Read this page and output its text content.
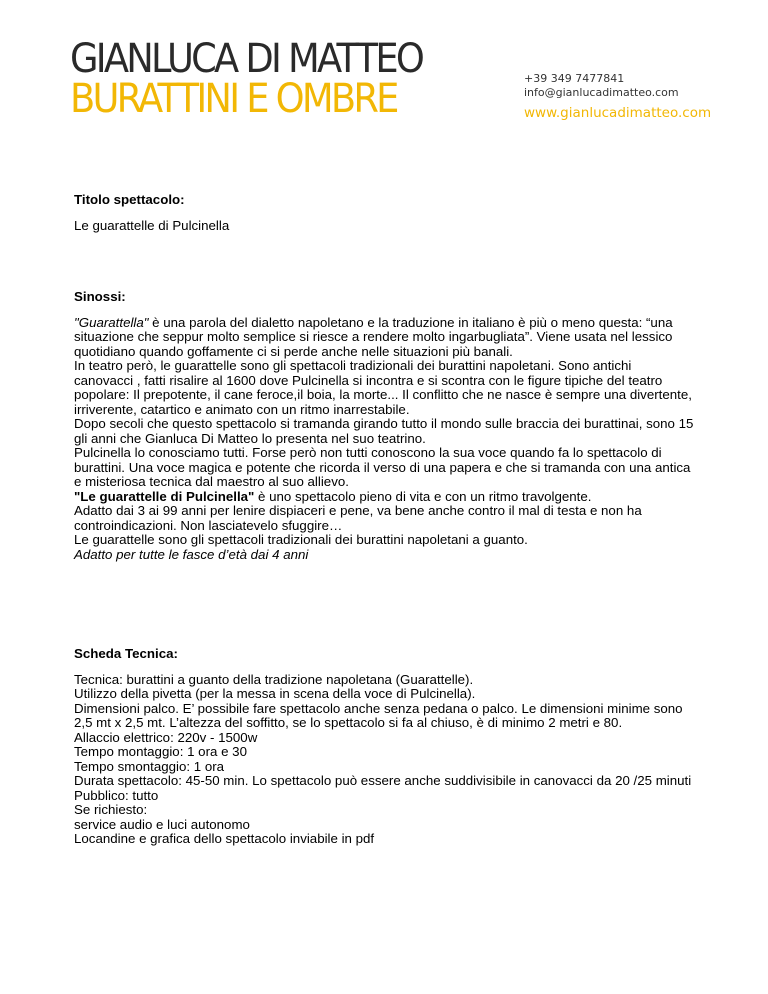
GIANLUCA DI MATTEO
BURATTINI E OMBRE	+39 349 7477841
info@gianlucadimatteo.com
www.gianlucadimatteo.com

Titolo spettacolo:

Le guarattelle di Pulcinella

Sinossi:

"Guarattella" è una parola del dialetto napoletano e la traduzione in italiano è più o meno questa: “una situazione che seppur molto semplice si riesce a rendere molto ingarbugliata”. Viene usata nel lessico quotidiano quando goffamente ci si perde anche nelle situazioni più banali.

In teatro però, le guarattelle sono gli spettacoli tradizionali dei burattini napoletani. Sono antichi canovacci , fatti risalire al 1600 dove Pulcinella si incontra e si scontra con le figure tipiche del teatro popolare: Il prepotente, il cane feroce,il boia, la morte... Il conflitto che ne nasce è sempre una divertente, irriverente, catartico e animato con un ritmo inarrestabile.

Dopo secoli che questo spettacolo si tramanda girando tutto il mondo sulle braccia dei burattinai, sono 15 gli anni che Gianluca Di Matteo lo presenta nel suo teatrino.

Pulcinella lo conosciamo tutti. Forse però non tutti conoscono la sua voce quando fa lo spettacolo di burattini. Una voce magica e potente che ricorda il verso di una papera e che si tramanda con una antica e misteriosa tecnica dal maestro al suo allievo.

"Le guarattelle di Pulcinella" è uno spettacolo pieno di vita e con un ritmo travolgente.

Adatto dai 3 ai 99 anni per lenire dispiaceri e pene, va bene anche contro il mal di testa e non ha controindicazioni. Non lasciatevelo sfuggire…

Le guarattelle sono gli spettacoli tradizionali dei burattini napoletani a guanto.

Adatto per tutte le fasce d’età dai 4 anni

Scheda Tecnica:

Tecnica: burattini a guanto della tradizione napoletana (Guarattelle).

Utilizzo della pivetta (per la messa in scena della voce di Pulcinella).

Dimensioni palco. E’ possibile fare spettacolo anche senza pedana o palco. Le dimensioni minime sono 2,5 mt x 2,5 mt. L’altezza del soffitto, se lo spettacolo si fa al chiuso, è di minimo 2 metri e 80.

Allaccio elettrico: 220v - 1500w

Tempo montaggio: 1 ora e 30

Tempo smontaggio: 1 ora

Durata spettacolo: 45-50 min. Lo spettacolo può essere anche suddivisibile in canovacci da 20 /25 minuti Pubblico: tutto

Se richiesto:

service audio e luci autonomo

Locandine e grafica dello spettacolo inviabile in pdf
